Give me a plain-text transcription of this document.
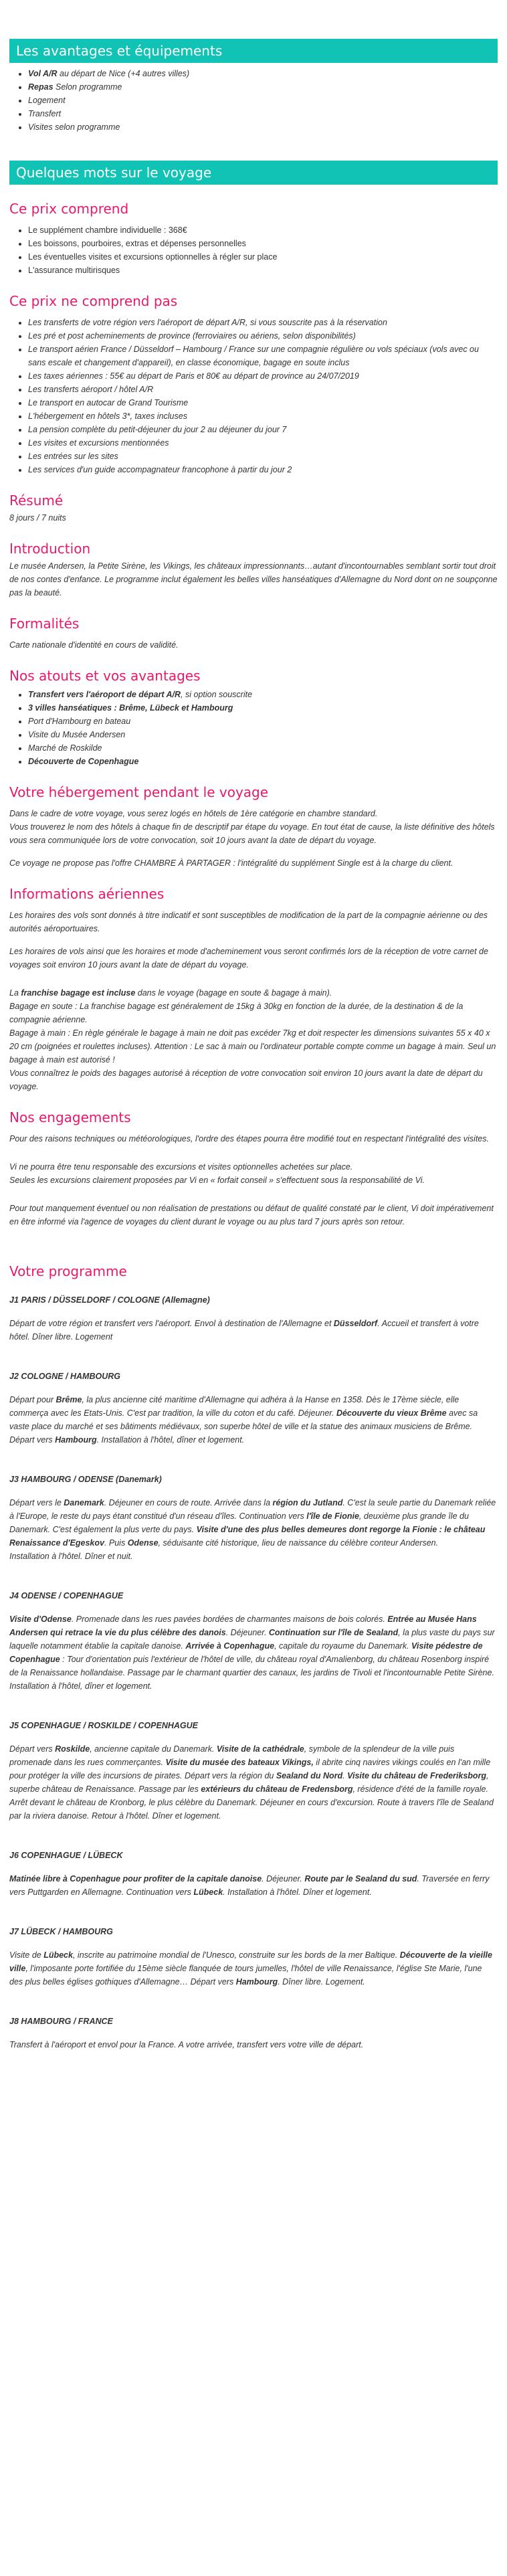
Les avantages et équipements
• Vol A/R au départ de Nice (+4 autres villes)
• Repas Selon programme
• Logement
• Transfert
• Visites selon programme
Quelques mots sur le voyage
Ce prix comprend
• Le supplément chambre individuelle : 368€
• Les boissons, pourboires, extras et dépenses personnelles
• Les éventuelles visites et excursions optionnelles à régler sur place
• L'assurance multirisques
Ce prix ne comprend pas
• Les transferts de votre région vers l'aéroport de départ A/R, si vous souscrite pas à la réservation
• Les pré et post acheminements de province (ferroviaires ou aériens, selon disponibilités)
• Le transport aérien France / Düsseldorf – Hambourg / France sur une compagnie régulière ou vols spéciaux (vols avec ou sans escale et changement d'appareil), en classe économique, bagage en soute inclus
• Les taxes aériennes : 55€ au départ de Paris et 80€ au départ de province au 24/07/2019
• Les transferts aéroport / hôtel A/R
• Le transport en autocar de Grand Tourisme
• L'hébergement en hôtels 3*, taxes incluses
• La pension complète du petit-déjeuner du jour 2 au déjeuner du jour 7
• Les visites et excursions mentionnées
• Les entrées sur les sites
• Les services d'un guide accompagnateur francophone à partir du jour 2
Résumé

8 jours / 7 nuits

Introduction

Le musée Andersen, la Petite Sirène, les Vikings, les châteaux impressionnants…autant d'incontournables semblant sortir tout droit de nos contes d'enfance. Le programme inclut également les belles villes hanséatiques d'Allemagne du Nord dont on ne soupçonne pas la beauté.

Formalités

Carte nationale d'identité en cours de validité.

Nos atouts et vos avantages
• Transfert vers l'aéroport de départ A/R, si option souscrite
• 3 villes hanséatiques : Brême, Lübeck et Hambourg
• Port d'Hambourg en bateau
• Visite du Musée Andersen
• Marché de Roskilde
• Découverte de Copenhague
Votre hébergement pendant le voyage

Dans le cadre de votre voyage, vous serez logés en hôtels de 1ère catégorie en chambre standard.

Vous trouverez le nom des hôtels à chaque fin de descriptif par étape du voyage. En tout état de cause, la liste définitive des hôtels vous sera communiquée lors de votre convocation, soit 10 jours avant la date de départ du voyage.

Ce voyage ne propose pas l'offre CHAMBRE À PARTAGER : l'intégralité du supplément Single est à la charge du client.

Informations aériennes

Les horaires des vols sont donnés à titre indicatif et sont susceptibles de modification de la part de la compagnie aérienne ou des autorités aéroportuaires.

Les horaires de vols ainsi que les horaires et mode d'acheminement vous seront confirmés lors de la réception de votre carnet de voyages soit environ 10 jours avant la date de départ du voyage.

La franchise bagage est incluse dans le voyage (bagage en soute & bagage à main).

Bagage en soute : La franchise bagage est généralement de 15kg à 30kg en fonction de la durée, de la destination & de la compagnie aérienne.

Bagage à main : En règle générale le bagage à main ne doit pas excéder 7kg et doit respecter les dimensions suivantes 55 x 40 x 20 cm (poignées et roulettes incluses). Attention : Le sac à main ou l'ordinateur portable compte comme un bagage à main. Seul un bagage à main est autorisé !

Vous connaîtrez le poids des bagages autorisé à réception de votre convocation soit environ 10 jours avant la date de départ du voyage.

Nos engagements

Pour des raisons techniques ou météorologiques, l'ordre des étapes pourra être modifié tout en respectant l'intégralité des visites.

Vi ne pourra être tenu responsable des excursions et visites optionnelles achetées sur place.

Seules les excursions clairement proposées par Vi en « forfait conseil » s'effectuent sous la responsabilité de Vi.

Pour tout manquement éventuel ou non réalisation de prestations ou défaut de qualité constaté par le client, Vi doit impérativement en être informé via l'agence de voyages du client durant le voyage ou au plus tard 7 jours après son retour.

Votre programme
J1 PARIS / DÜSSELDORF / COLOGNE (Allemagne)

Départ de votre région et transfert vers l'aéroport. Envol à destination de l'Allemagne et Düsseldorf. Accueil et transfert à votre hôtel. Dîner libre. Logement

J2 COLOGNE / HAMBOURG

Départ pour Brême, la plus ancienne cité maritime d'Allemagne qui adhéra à la Hanse en 1358. Dès le 17ème siècle, elle commerça avec les Etats-Unis. C'est par tradition, la ville du coton et du café. Déjeuner. Découverte du vieux Brême avec sa vaste place du marché et ses bâtiments médiévaux, son superbe hôtel de ville et la statue des animaux musiciens de Brême. Départ vers Hambourg. Installation à l'hôtel, dîner et logement.

J3 HAMBOURG / ODENSE (Danemark)

Départ vers le Danemark. Déjeuner en cours de route. Arrivée dans la région du Jutland. C'est la seule partie du Danemark reliée à l'Europe, le reste du pays étant constitué d'un réseau d'îles. Continuation vers l'île de Fionie, deuxième plus grande île du Danemark. C'est également la plus verte du pays. Visite d'une des plus belles demeures dont regorge la Fionie : le château Renaissance d'Egeskov. Puis Odense, séduisante cité historique, lieu de naissance du célèbre conteur Andersen.
Installation à l'hôtel. Dîner et nuit.

J4 ODENSE / COPENHAGUE

Visite d'Odense. Promenade dans les rues pavées bordées de charmantes maisons de bois colorés. Entrée au Musée Hans Andersen qui retrace la vie du plus célèbre des danois. Déjeuner. Continuation sur l'île de Sealand, la plus vaste du pays sur laquelle notamment établie la capitale danoise. Arrivée à Copenhague, capitale du royaume du Danemark. Visite pédestre de Copenhague : Tour d'orientation puis l'extérieur de l'hôtel de ville, du château royal d'Amalienborg, du château Rosenborg inspiré de la Renaissance hollandaise. Passage par le charmant quartier des canaux, les jardins de Tivoli et l'incontournable Petite Sirène. Installation à l'hôtel, dîner et logement.

J5 COPENHAGUE / ROSKILDE / COPENHAGUE

Départ vers Roskilde, ancienne capitale du Danemark. Visite de la cathédrale, symbole de la splendeur de la ville puis promenade dans les rues commerçantes. Visite du musée des bateaux Vikings, il abrite cinq navires vikings coulés en l'an mille pour protéger la ville des incursions de pirates. Départ vers la région du Sealand du Nord. Visite du château de Frederiksborg, superbe château de Renaissance. Passage par les extérieurs du château de Fredensborg, résidence d'été de la famille royale. Arrêt devant le château de Kronborg, le plus célèbre du Danemark. Déjeuner en cours d'excursion. Route à travers l'île de Sealand par la riviera danoise. Retour à l'hôtel. Dîner et logement.

J6 COPENHAGUE / LÜBECK

Matinée libre à Copenhague pour profiter de la capitale danoise. Déjeuner. Route par le Sealand du sud. Traversée en ferry vers Puttgarden en Allemagne. Continuation vers Lübeck. Installation à l'hôtel. Dîner et logement.

J7 LÜBECK / HAMBOURG

Visite de Lübeck, inscrite au patrimoine mondial de l'Unesco, construite sur les bords de la mer Baltique. Découverte de la vieille ville, l'imposante porte fortifiée du 15ème siècle flanquée de tours jumelles, l'hôtel de ville Renaissance, l'église Ste Marie, l'une des plus belles églises gothiques d'Allemagne… Départ vers Hambourg. Dîner libre. Logement.

J8 HAMBOURG / FRANCE

Transfert à l'aéroport et envol pour la France. A votre arrivée, transfert vers votre ville de départ.
